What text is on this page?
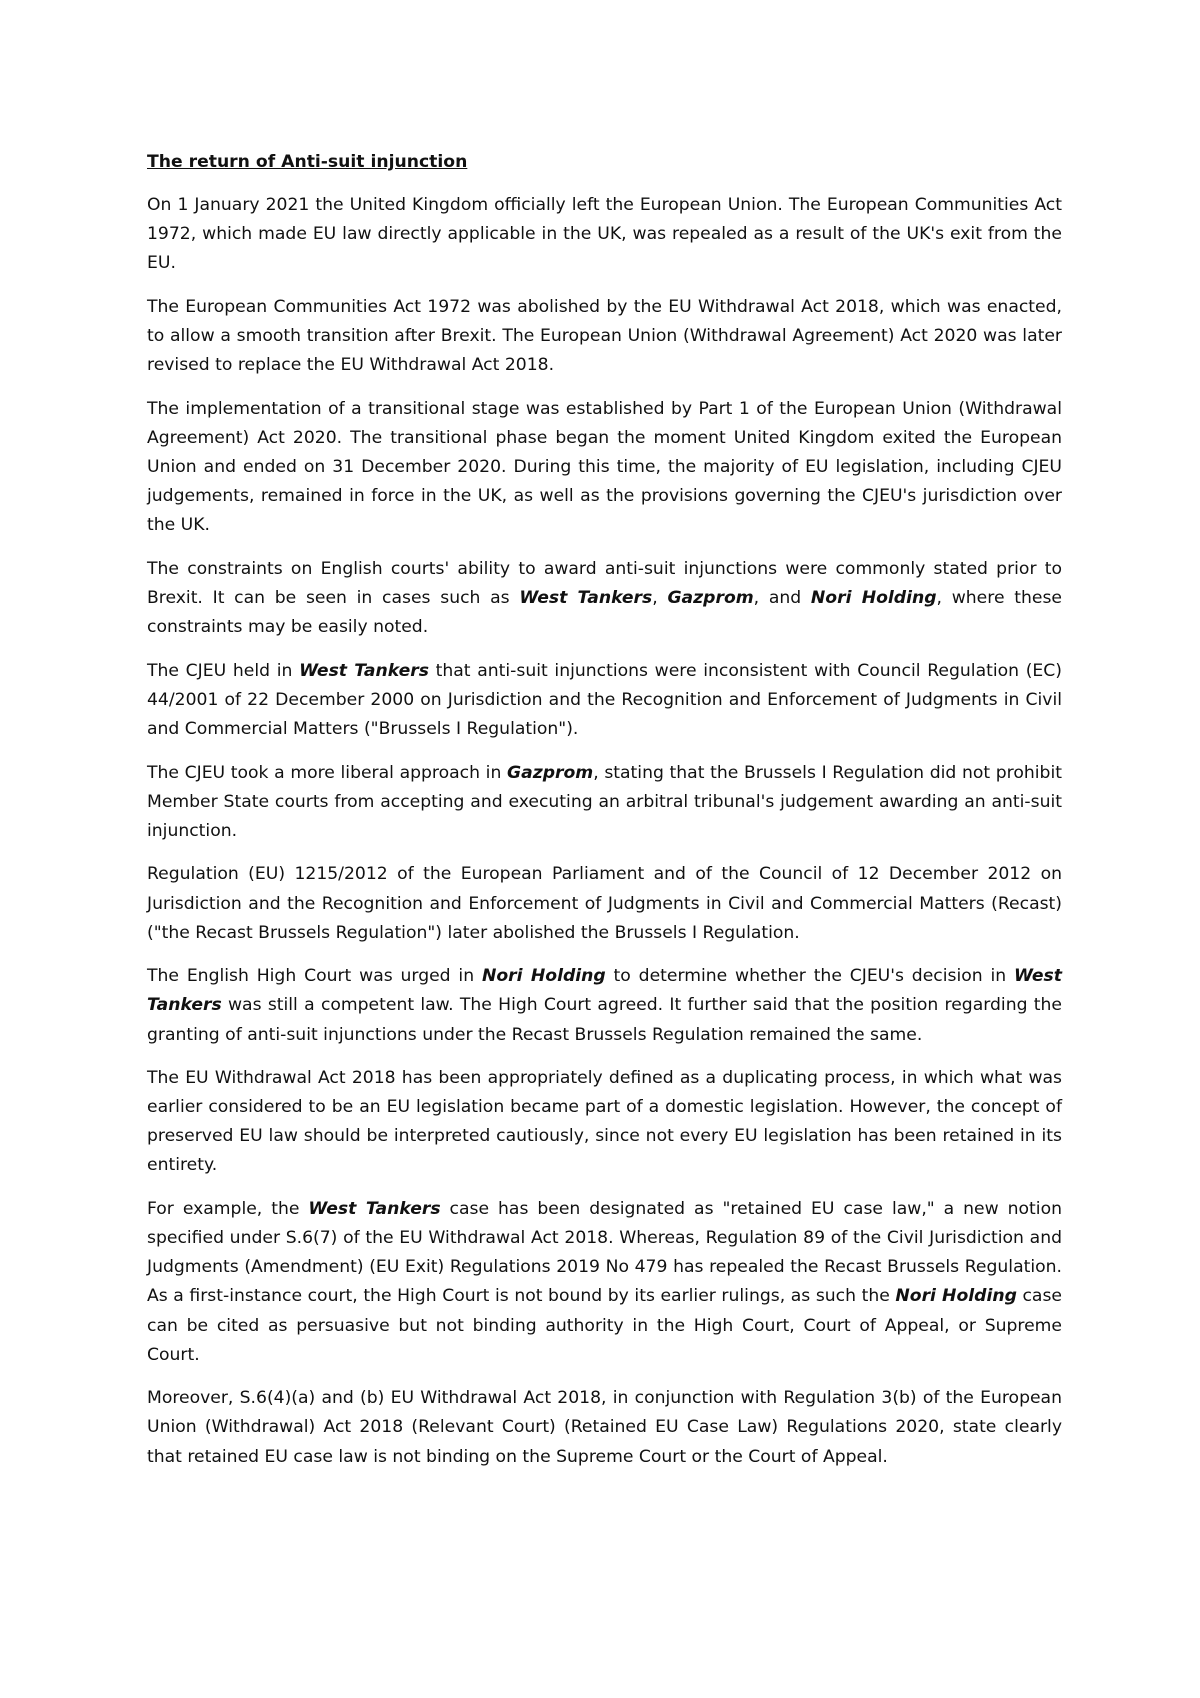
The return of Anti-suit injunction

On 1 January 2021 the United Kingdom officially left the European Union. The European Communities Act 1972, which made EU law directly applicable in the UK, was repealed as a result of the UK's exit from the EU.

The European Communities Act 1972 was abolished by the EU Withdrawal Act 2018, which was enacted, to allow a smooth transition after Brexit. The European Union (Withdrawal Agreement) Act 2020 was later revised to replace the EU Withdrawal Act 2018.

The implementation of a transitional stage was established by Part 1 of the European Union (Withdrawal Agreement) Act 2020. The transitional phase began the moment United Kingdom exited the European Union and ended on 31 December 2020. During this time, the majority of EU legislation, including CJEU judgements, remained in force in the UK, as well as the provisions governing the CJEU's jurisdiction over the UK.

The constraints on English courts' ability to award anti-suit injunctions were commonly stated prior to Brexit. It can be seen in cases such as West Tankers, Gazprom, and Nori Holding, where these constraints may be easily noted.

The CJEU held in West Tankers that anti-suit injunctions were inconsistent with Council Regulation (EC) 44/2001 of 22 December 2000 on Jurisdiction and the Recognition and Enforcement of Judgments in Civil and Commercial Matters ("Brussels I Regulation").

The CJEU took a more liberal approach in Gazprom, stating that the Brussels I Regulation did not prohibit Member State courts from accepting and executing an arbitral tribunal's judgement awarding an anti-suit injunction.

Regulation (EU) 1215/2012 of the European Parliament and of the Council of 12 December 2012 on Jurisdiction and the Recognition and Enforcement of Judgments in Civil and Commercial Matters (Recast) ("the Recast Brussels Regulation") later abolished the Brussels I Regulation.

The English High Court was urged in Nori Holding to determine whether the CJEU's decision in West Tankers was still a competent law. The High Court agreed. It further said that the position regarding the granting of anti-suit injunctions under the Recast Brussels Regulation remained the same.

The EU Withdrawal Act 2018 has been appropriately defined as a duplicating process, in which what was earlier considered to be an EU legislation became part of a domestic legislation. However, the concept of preserved EU law should be interpreted cautiously, since not every EU legislation has been retained in its entirety.

For example, the West Tankers case has been designated as "retained EU case law," a new notion specified under S.6(7) of the EU Withdrawal Act 2018. Whereas, Regulation 89 of the Civil Jurisdiction and Judgments (Amendment) (EU Exit) Regulations 2019 No 479 has repealed the Recast Brussels Regulation. As a first-instance court, the High Court is not bound by its earlier rulings, as such the Nori Holding case can be cited as persuasive but not binding authority in the High Court, Court of Appeal, or Supreme Court.

Moreover, S.6(4)(a) and (b) EU Withdrawal Act 2018, in conjunction with Regulation 3(b) of the European Union (Withdrawal) Act 2018 (Relevant Court) (Retained EU Case Law) Regulations 2020, state clearly that retained EU case law is not binding on the Supreme Court or the Court of Appeal.
